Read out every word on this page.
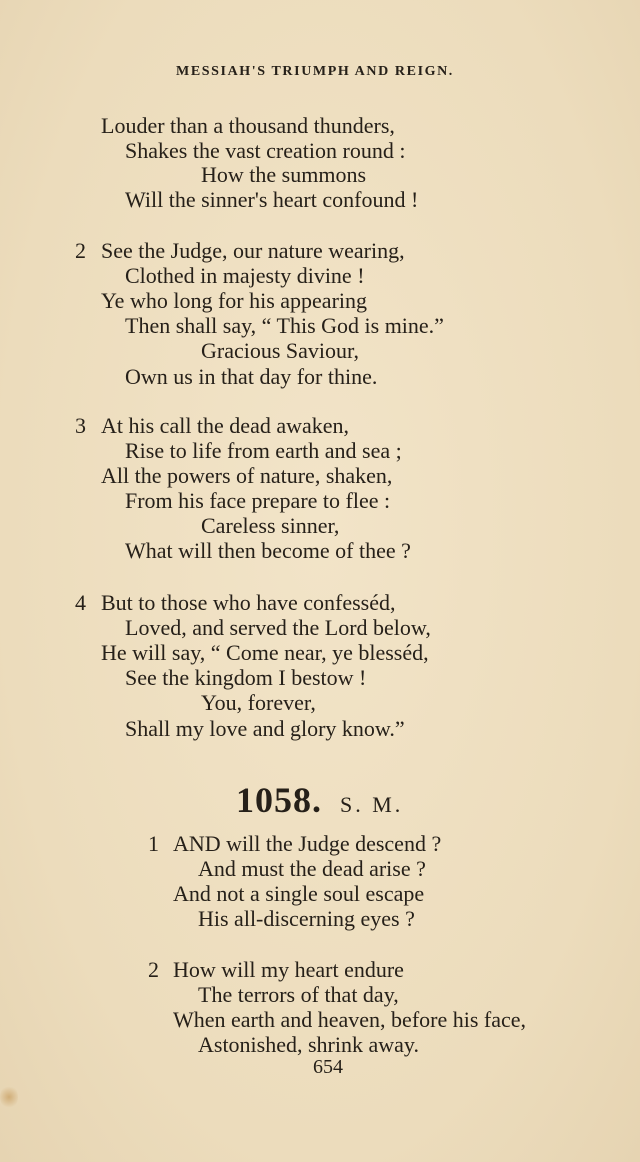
MESSIAH'S TRIUMPH AND REIGN.
Louder than a thousand thunders,
Shakes the vast creation round :
How the summons
Will the sinner's heart confound !
2 See the Judge, our nature wearing,
Clothed in majesty divine !
Ye who long for his appearing
Then shall say, “ This God is mine.”
Gracious Saviour,
Own us in that day for thine.
3 At his call the dead awaken,
Rise to life from earth and sea ;
All the powers of nature, shaken,
From his face prepare to flee :
Careless sinner,
What will then become of thee ?
4 But to those who have confesséd,
Loved, and served the Lord below,
He will say, “ Come near, ye blesséd,
See the kingdom I bestow !
You, forever,
Shall my love and glory know.”
1058. S. M.
1 AND will the Judge descend ?
And must the dead arise ?
And not a single soul escape
His all-discerning eyes ?
2 How will my heart endure
The terrors of that day,
When earth and heaven, before his face,
Astonished, shrink away.
654
